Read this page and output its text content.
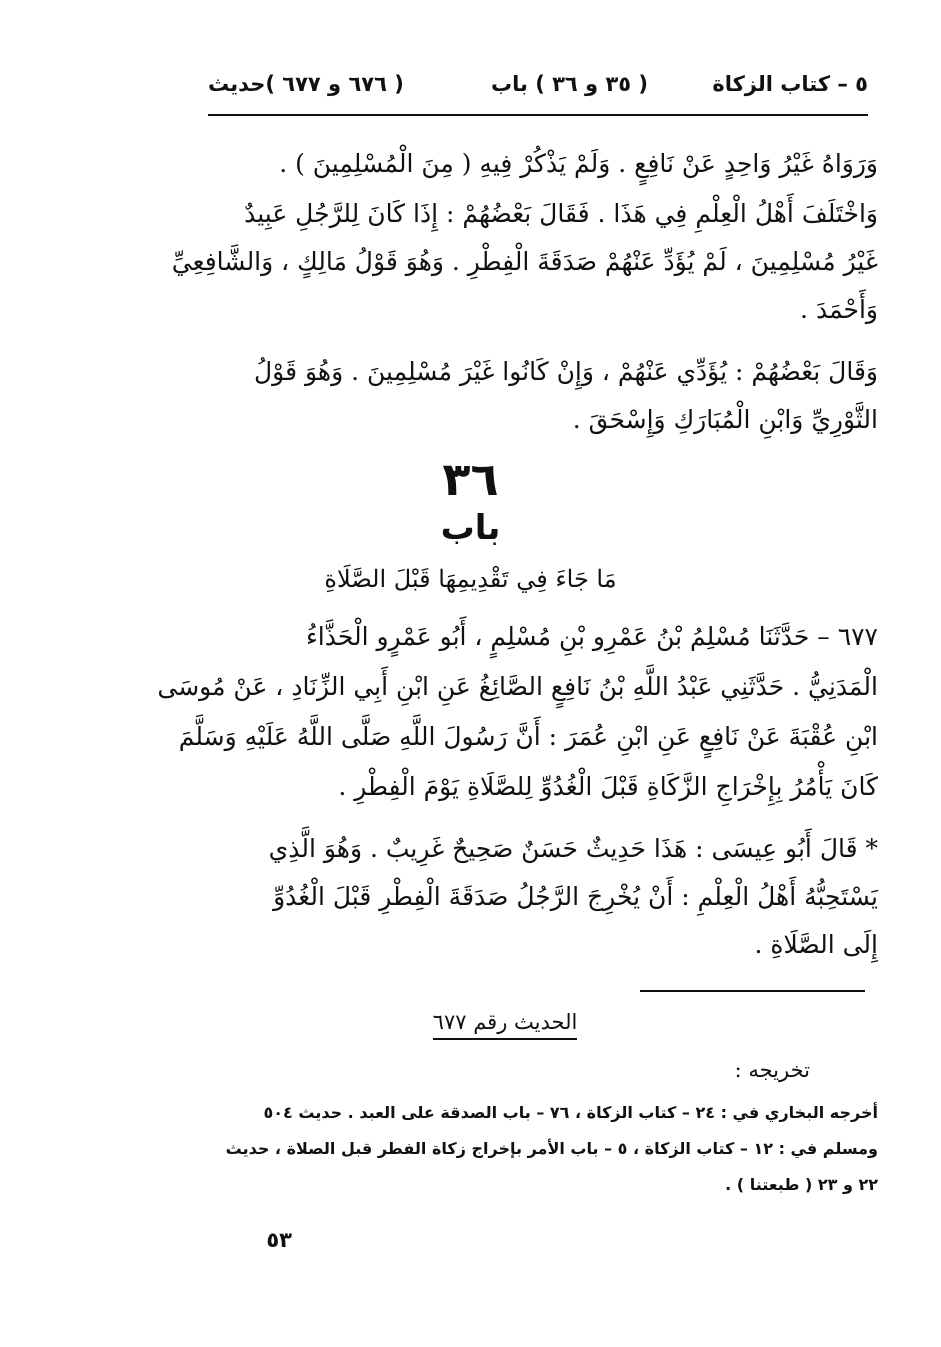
٥ – كتاب الزكاة
( ٣٥ و ٣٦ ) باب
( ٦٧٦ و ٦٧٧ )حديث
وَرَوَاهُ غَيْرُ وَاحِدٍ عَنْ نَافِعٍ . وَلَمْ يَذْكُرْ فِيهِ ( مِنَ الْمُسْلِمِينَ ) .
وَاخْتَلَفَ أَهْلُ الْعِلْمِ فِي هَذَا . فَقَالَ بَعْضُهُمْ : إِذَا كَانَ لِلرَّجُلِ عَبِيدٌ
غَيْرُ مُسْلِمِينَ ، لَمْ يُؤَدِّ عَنْهُمْ صَدَقَةَ الْفِطْرِ . وَهُوَ قَوْلُ مَالِكٍ ، وَالشَّافِعِيِّ
وَأَحْمَدَ .
وَقَالَ بَعْضُهُمْ : يُؤَدِّي عَنْهُمْ ، وَإِنْ كَانُوا غَيْرَ مُسْلِمِينَ . وَهُوَ قَوْلُ
الثَّوْرِيِّ وَابْنِ الْمُبَارَكِ وَإِسْحَقَ .
٣٦
باب
مَا جَاءَ فِي تَقْدِيمِهَا قَبْلَ الصَّلَاةِ
٦٧٧ – حَدَّثَنَا مُسْلِمُ بْنُ عَمْرِو بْنِ مُسْلِمٍ ، أَبُو عَمْرٍو الْحَذَّاءُ
الْمَدَنِيُّ . حَدَّثَنِي عَبْدُ اللَّهِ بْنُ نَافِعٍ الصَّائِغُ عَنِ ابْنِ أَبِي الزِّنَادِ ، عَنْ مُوسَى
ابْنِ عُقْبَةَ عَنْ نَافِعٍ عَنِ ابْنِ عُمَرَ : أَنَّ رَسُولَ اللَّهِ صَلَّى اللَّهُ عَلَيْهِ وَسَلَّمَ
كَانَ يَأْمُرُ بِإِخْرَاجِ الزَّكَاةِ قَبْلَ الْغُدُوِّ لِلصَّلَاةِ يَوْمَ الْفِطْرِ .
* قَالَ أَبُو عِيسَى : هَذَا حَدِيثٌ حَسَنٌ صَحِيحٌ غَرِيبٌ . وَهُوَ الَّذِي
يَسْتَحِبُّهُ أَهْلُ الْعِلْمِ : أَنْ يُخْرِجَ الرَّجُلُ صَدَقَةَ الْفِطْرِ قَبْلَ الْغُدُوِّ
إِلَى الصَّلَاةِ .
الحديث رقم ٦٧٧
تخريجه :
أخرجه البخاري في : ٢٤ – كتاب الزكاة ، ٧٦ – باب الصدقة على العبد . حديث ٥٠٤
ومسلم في : ١٢ – كتاب الزكاة ، ٥ – باب الأمر بإخراج زكاة الفطر قبل الصلاة ، حديث
٢٢ و ٢٣ ( طبعتنا ) .
٥٣
